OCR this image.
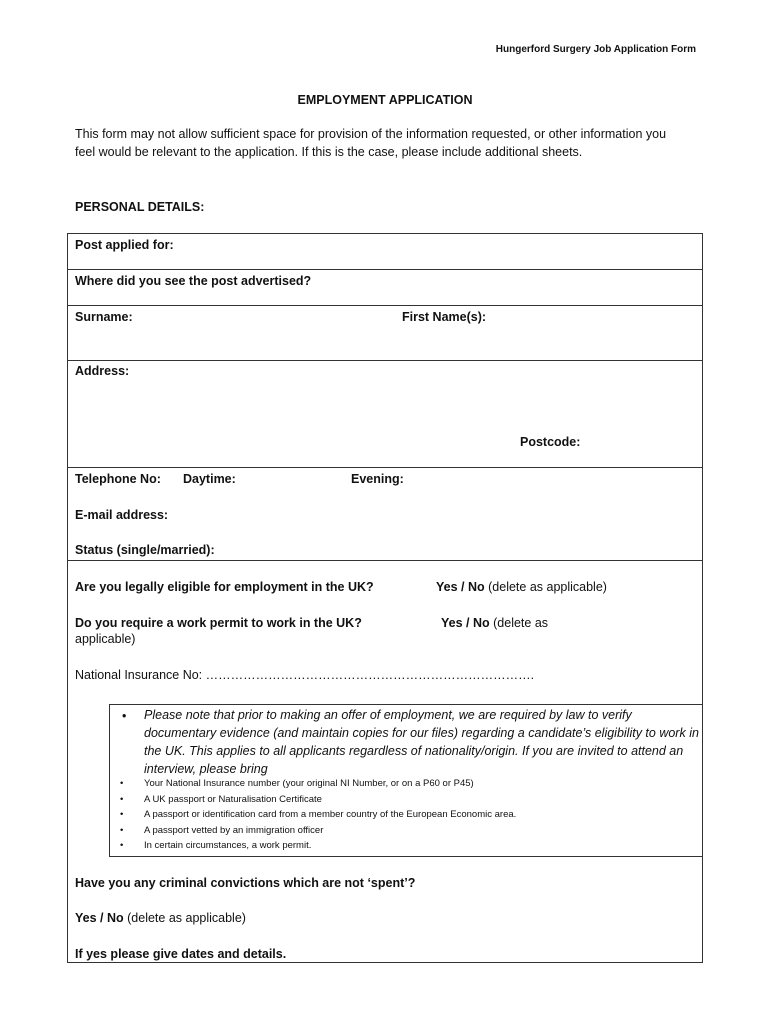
Hungerford Surgery Job Application Form
EMPLOYMENT APPLICATION
This form may not allow sufficient space for provision of the information requested, or other information you feel would be relevant to the application. If this is the case, please include additional sheets.
PERSONAL DETAILS:
Post applied for:
Where did you see the post advertised?
Surname:	First Name(s):
Address:
Postcode:
Telephone No: Daytime:	Evening:
E-mail address:
Status (single/married):
Are you legally eligible for employment in the UK?	Yes / No (delete as applicable)
Do you require a work permit to work in the UK?	Yes / No (delete as
applicable)
National Insurance No: …………………………………………………………………….
• Please note that prior to making an offer of employment, we are required by law to verify documentary evidence (and maintain copies for our files) regarding a candidate’s eligibility to work in the UK. This applies to all applicants regardless of nationality/origin. If you are invited to attend an interview, please bring
• Your National Insurance number (your original NI Number, or on a P60 or P45)
• A UK passport or Naturalisation Certificate
• A passport or identification card from a member country of the European Economic area.
• A passport vetted by an immigration officer
• In certain circumstances, a work permit.
Have you any criminal convictions which are not ‘spent’?
Yes / No (delete as applicable)
If yes please give dates and details.
